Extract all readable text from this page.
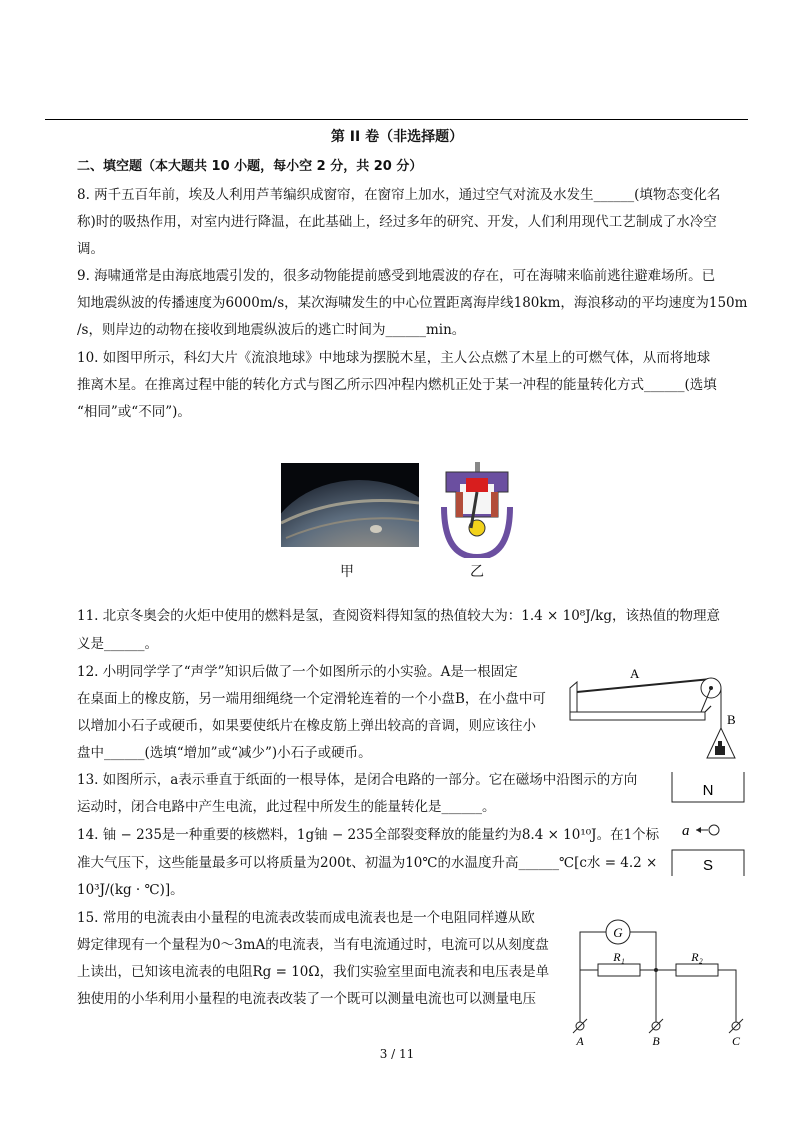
第 II 卷（非选择题）
二、填空题（本大题共 10 小题，每小空 2 分，共 20 分）
8. 两千五百年前，埃及人利用芦苇编织成窗帘，在窗帘上加水，通过空气对流及水发生______(填物态变化名
称)时的吸热作用，对室内进行降温，在此基础上，经过多年的研究、开发，人们利用现代工艺制成了水冷空
调。
9. 海啸通常是由海底地震引发的，很多动物能提前感受到地震波的存在，可在海啸来临前逃往避难场所。已
知地震纵波的传播速度为6000m/s，某次海啸发生的中心位置距离海岸线180km，海浪移动的平均速度为150m
/s，则岸边的动物在接收到地震纵波后的逃亡时间为______min。
10. 如图甲所示，科幻大片《流浪地球》中地球为摆脱木星，主人公点燃了木星上的可燃气体，从而将地球
推离木星。在推离过程中能的转化方式与图乙所示四冲程内燃机正处于某一冲程的能量转化方式______(选填
“相同”或“不同”)。
甲	乙
11. 北京冬奥会的火炬中使用的燃料是氢，查阅资料得知氢的热值较大为：1.4 × 10⁸J/kg，该热值的物理意
义是______。
12. 小明同学学了“声学”知识后做了一个如图所示的小实验。A是一根固定
在桌面上的橡皮筋，另一端用细绳绕一个定滑轮连着的一个小盘B，在小盘中可
以增加小石子或硬币，如果要使纸片在橡皮筋上弹出较高的音调，则应该往小
盘中______(选填“增加”或“减少”)小石子或硬币。
A
B
13. 如图所示，a表示垂直于纸面的一根导体，是闭合电路的一部分。它在磁场中沿图示的方向
运动时，闭合电路中产生电流，此过程中所发生的能量转化是______。
14. 铀 − 235是一种重要的核燃料，1g铀 − 235全部裂变释放的能量约为8.4 × 10¹⁰J。在1个标
准大气压下，这些能量最多可以将质量为200t、初温为10℃的水温度升高______℃[c水 = 4.2 ×
10³J/(kg · ℃)]。
N
a
S
15. 常用的电流表由小量程的电流表改装而成电流表也是一个电阻同样遵从欧
姆定律现有一个量程为0～3mA的电流表，当有电流通过时，电流可以从刻度盘
上读出，已知该电流表的电阻Rg = 10Ω，我们实验室里面电流表和电压表是单
独使用的小华利用小量程的电流表改装了一个既可以测量电流也可以测量电压
G
R₁	R₂
A	B	C
3 / 11
